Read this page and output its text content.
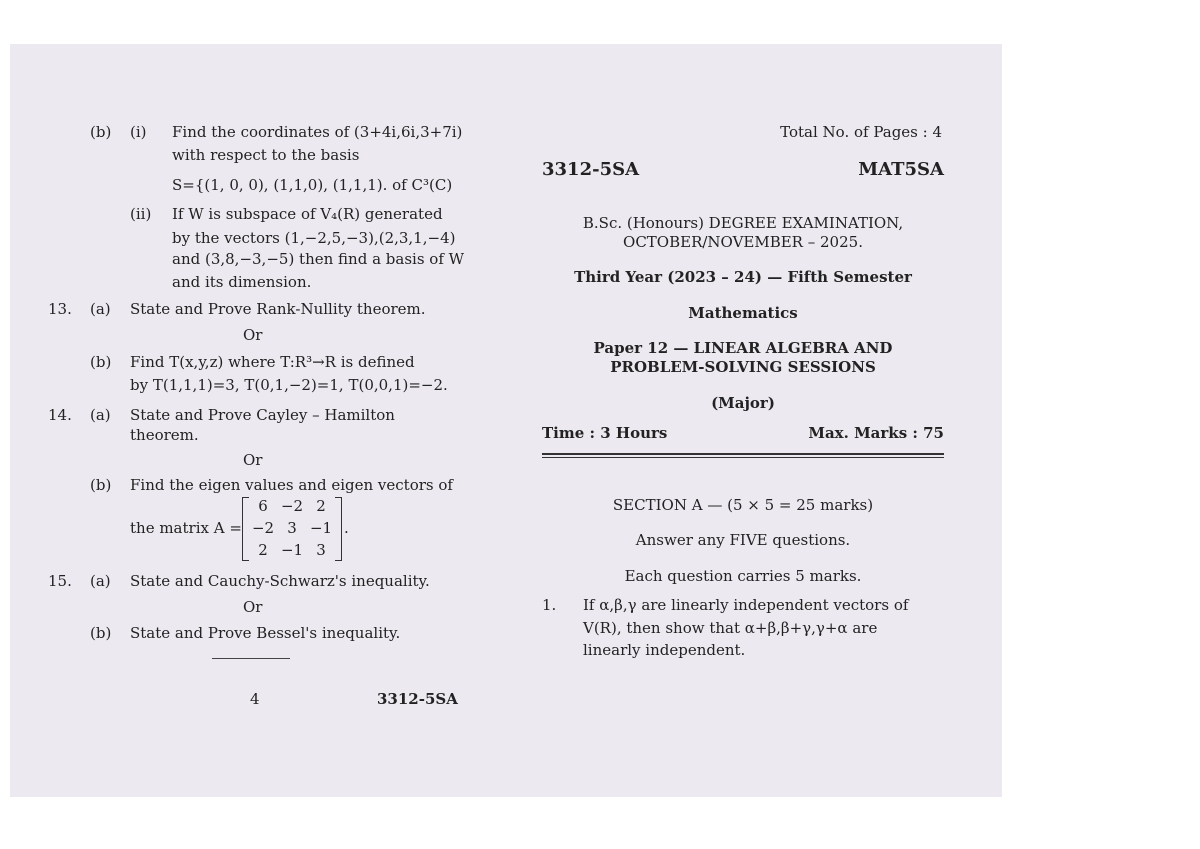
(b) (i) Find the coordinates of (3+4i,6i,3+7i)
with respect to the basis
S={(1, 0, 0), (1,1,0), (1,1,1). of C³(C)
(ii) If W is subspace of V₄(R) generated
by the vectors (1,−2,5,−3),(2,3,1,−4)
and (3,8,−3,−5) then find a basis of W
and its dimension.
13. (a) State and Prove Rank-Nullity theorem.
Or
(b) Find T(x,y,z) where T:R³→R is defined
by T(1,1,1)=3, T(0,1,−2)=1, T(0,0,1)=−2.
14. (a) State and Prove Cayley – Hamilton
theorem.
Or
(b) Find the eigen values and eigen vectors of
the matrix A =
6 −2 2
−2 3 −1
2 −1 3
.
15. (a) State and Cauchy-Schwarz's inequality.
Or
(b) State and Prove Bessel's inequality.
4	3312-5SA
Total No. of Pages : 4
3312-5SA	MAT5SA
B.Sc. (Honours) DEGREE EXAMINATION,
OCTOBER/NOVEMBER – 2025.
Third Year (2023 – 24) — Fifth Semester
Mathematics
Paper 12 — LINEAR ALGEBRA AND
PROBLEM-SOLVING SESSIONS
(Major)
Time : 3 Hours	Max. Marks : 75
SECTION A — (5 × 5 = 25 marks)
Answer any FIVE questions.
Each question carries 5 marks.
1. If α,β,γ are linearly independent vectors of
V(R), then show that α+β,β+γ,γ+α are
linearly independent.
